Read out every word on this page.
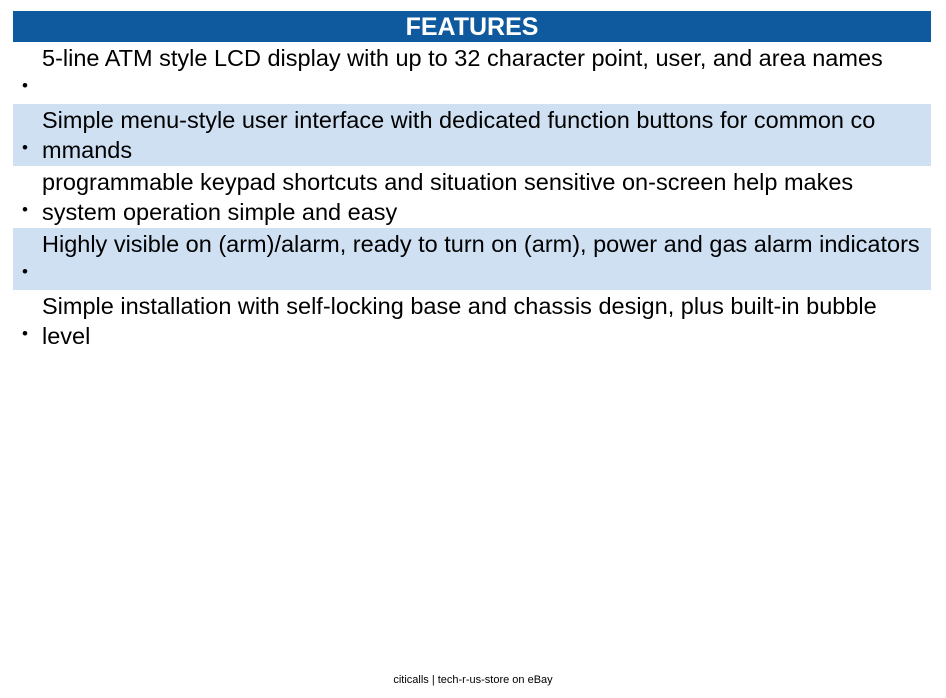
FEATURES
•
5-line ATM style LCD display with up to 32 character point, user, and area names
•
Simple menu-style user interface with dedicated function buttons for common co mmands
•
programmable keypad shortcuts and situation sensitive on-screen help makes system operation simple and easy
•
Highly visible on (arm)/alarm, ready to turn on (arm), power and gas alarm indicators
•
Simple installation with self-locking base and chassis design, plus built-in bubble level
citicalls | tech-r-us-store on eBay
